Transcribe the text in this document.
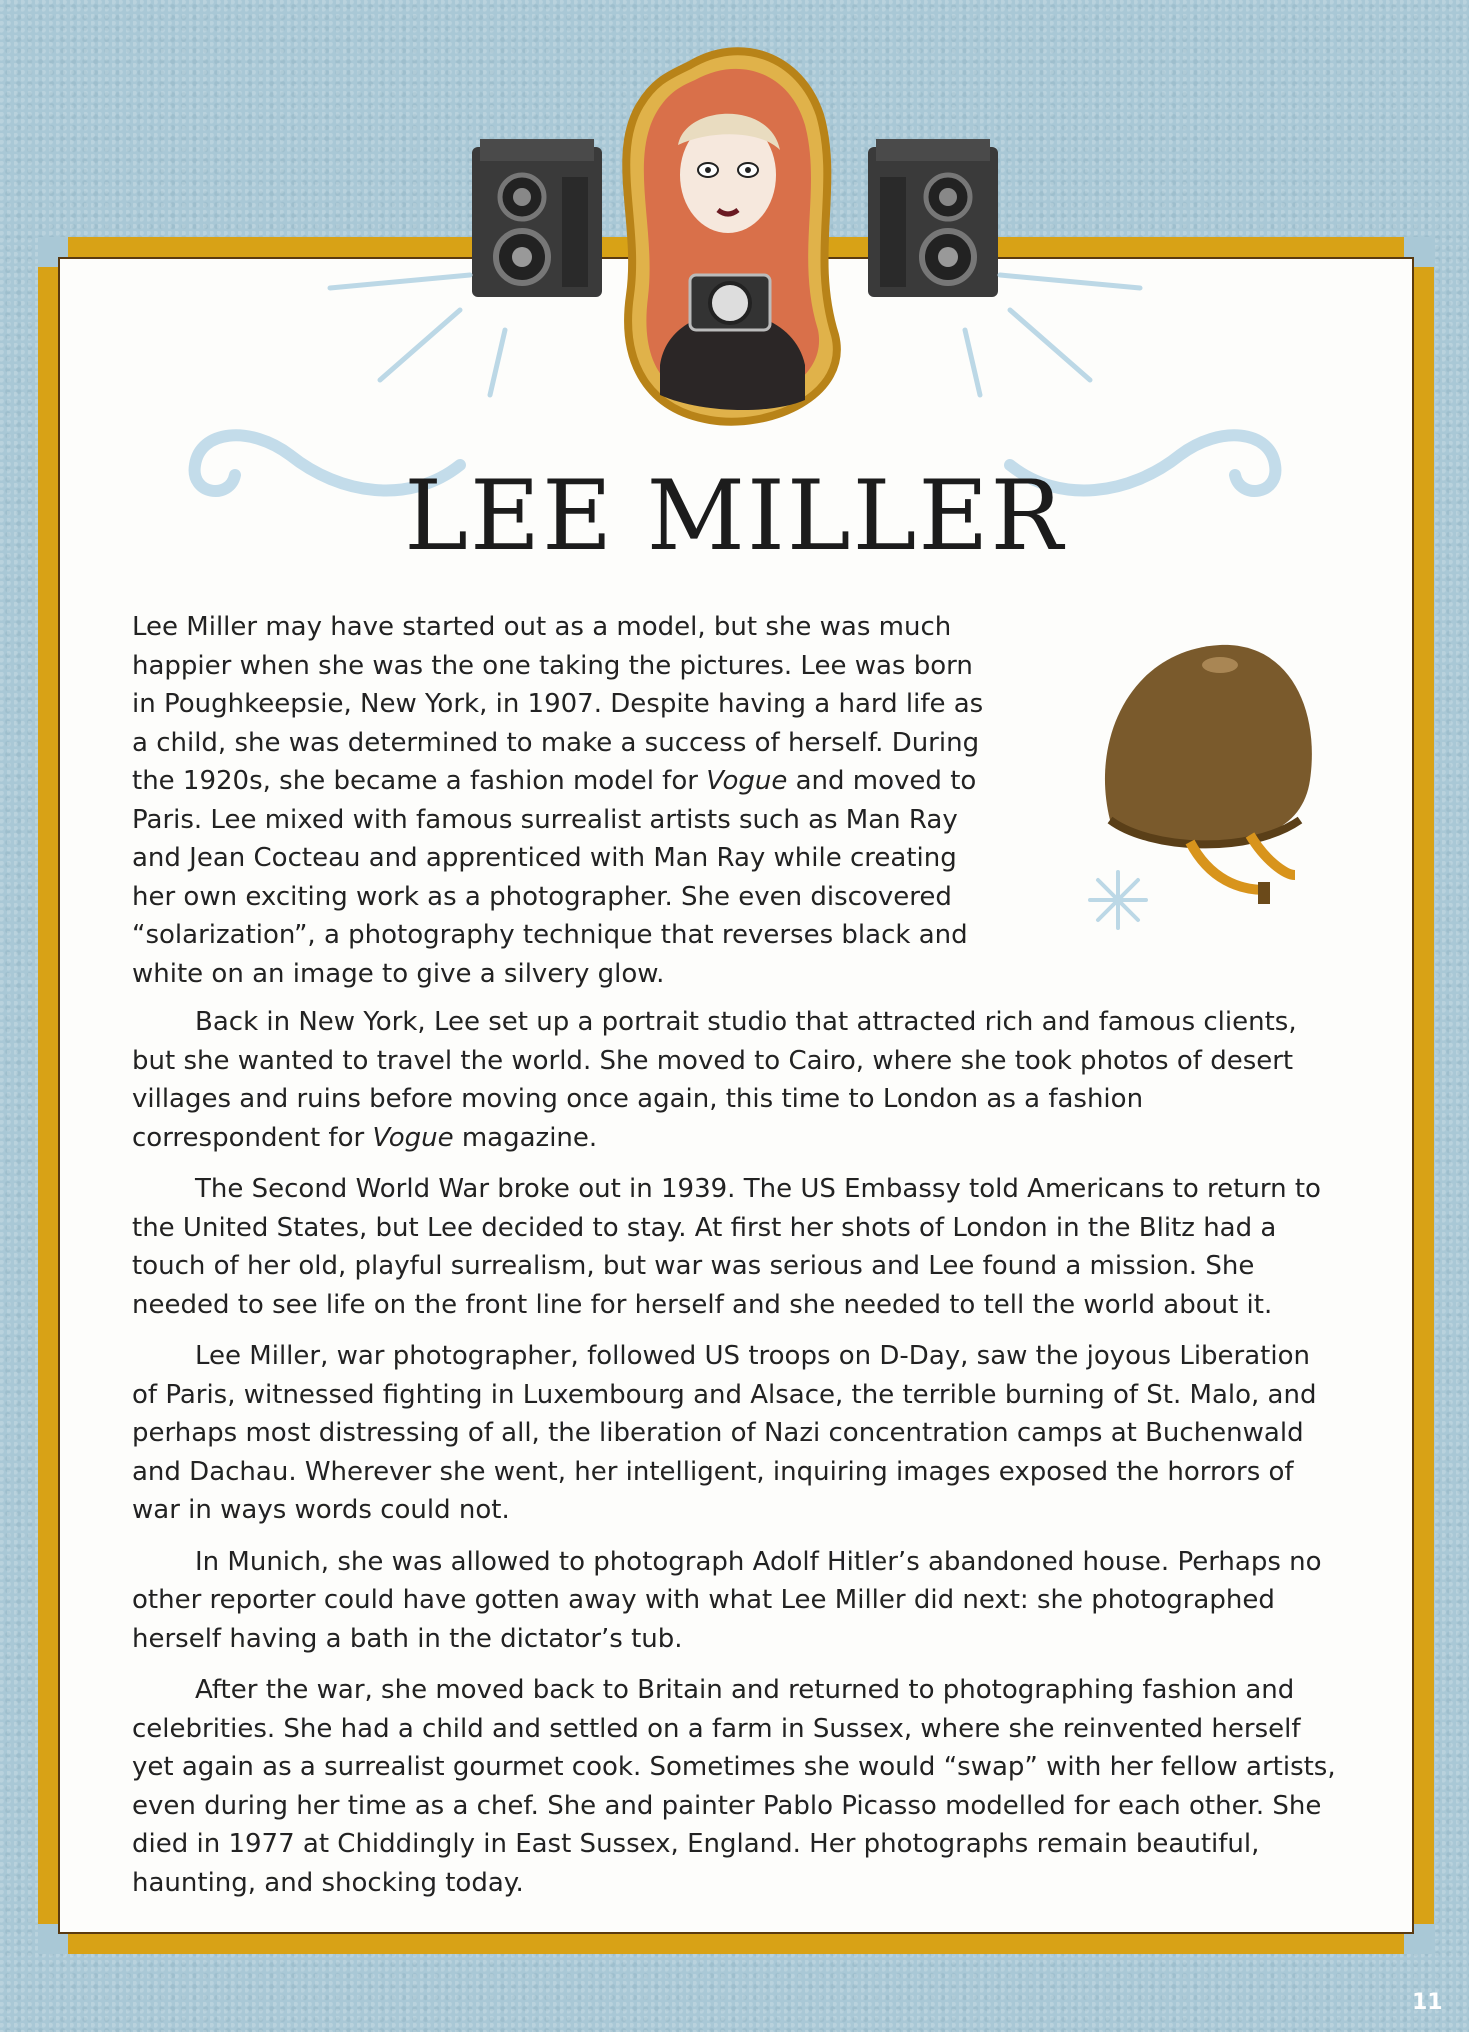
LEE MILLER

Lee Miller may have started out as a model, but she was much happier when she was the one taking the pictures. Lee was born in Poughkeepsie, New York, in 1907. Despite having a hard life as a child, she was determined to make a success of herself. During the 1920s, she became a fashion model for Vogue and moved to Paris. Lee mixed with famous surrealist artists such as Man Ray and Jean Cocteau and apprenticed with Man Ray while creating her own exciting work as a photographer. She even discovered “solarization”, a photography technique that reverses black and white on an image to give a silvery glow.

Back in New York, Lee set up a portrait studio that attracted rich and famous clients, but she wanted to travel the world. She moved to Cairo, where she took photos of desert villages and ruins before moving once again, this time to London as a fashion correspondent for Vogue magazine.

The Second World War broke out in 1939. The US Embassy told Americans to return to the United States, but Lee decided to stay. At first her shots of London in the Blitz had a touch of her old, playful surrealism, but war was serious and Lee found a mission. She needed to see life on the front line for herself and she needed to tell the world about it.

Lee Miller, war photographer, followed US troops on D-Day, saw the joyous Liberation of Paris, witnessed fighting in Luxembourg and Alsace, the terrible burning of St. Malo, and perhaps most distressing of all, the liberation of Nazi concentration camps at Buchenwald and Dachau. Wherever she went, her intelligent, inquiring images exposed the horrors of war in ways words could not.

In Munich, she was allowed to photograph Adolf Hitler’s abandoned house. Perhaps no other reporter could have gotten away with what Lee Miller did next: she photographed herself having a bath in the dictator’s tub.

After the war, she moved back to Britain and returned to photographing fashion and celebrities. She had a child and settled on a farm in Sussex, where she reinvented herself yet again as a surrealist gourmet cook. Sometimes she would “swap” with her fellow artists, even during her time as a chef. She and painter Pablo Picasso modelled for each other. She died in 1977 at Chiddingly in East Sussex, England. Her photographs remain beautiful, haunting, and shocking today.

11
